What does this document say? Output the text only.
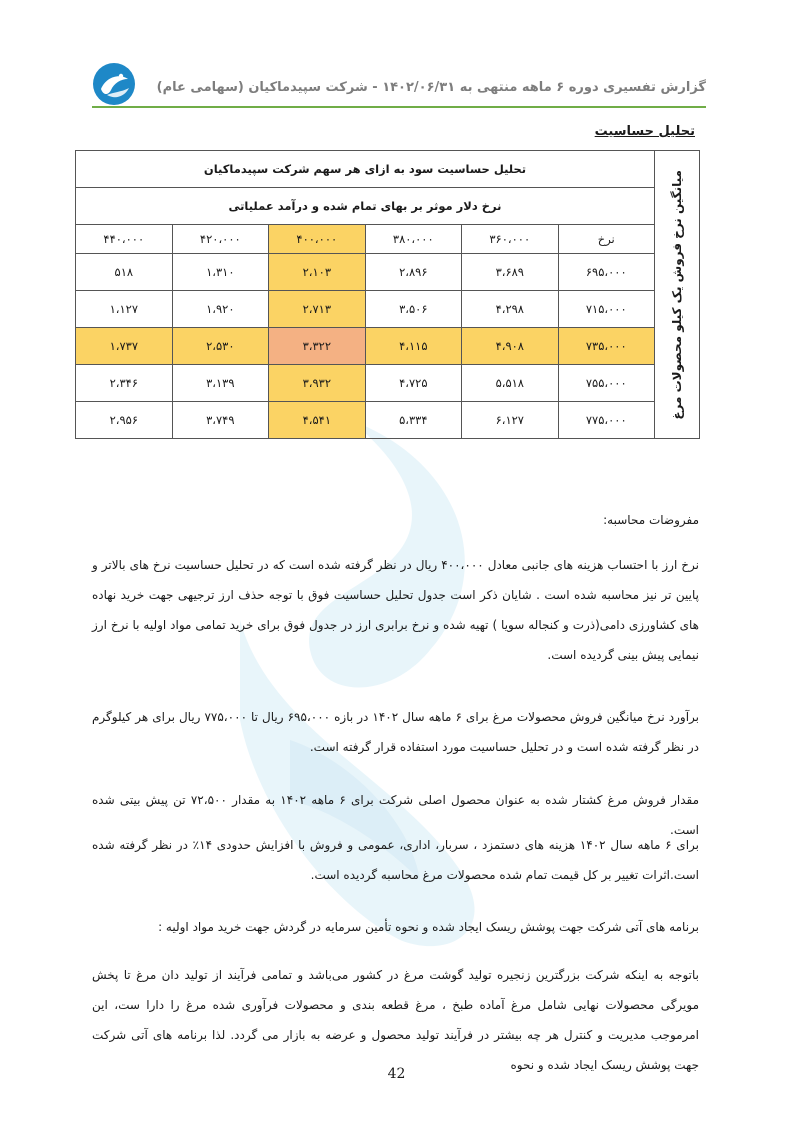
گزارش تفسیری دوره ۶ ماهه منتهی به ۱۴۰۲/۰۶/۳۱ - شرکت سپیدماکیان (سهامی عام)
تحلیل حساسیت
میانگین نرخ فروش یک کیلو محصولات مرغ	تحلیل حساسیت سود به ازای هر سهم شرکت سپیدماکیان					
	نرخ دلار موثر بر بهای تمام شده و درآمد عملیاتی					
	نرخ	۳۶۰،۰۰۰	۳۸۰،۰۰۰	۴۰۰،۰۰۰	۴۲۰،۰۰۰	۴۴۰،۰۰۰
	۶۹۵،۰۰۰	۳،۶۸۹	۲،۸۹۶	۲،۱۰۳	۱،۳۱۰	۵۱۸
	۷۱۵،۰۰۰	۴،۲۹۸	۳،۵۰۶	۲،۷۱۳	۱،۹۲۰	۱،۱۲۷
	۷۳۵،۰۰۰	۴،۹۰۸	۴،۱۱۵	۳،۳۲۲	۲،۵۳۰	۱،۷۳۷
	۷۵۵،۰۰۰	۵،۵۱۸	۴،۷۲۵	۳،۹۳۲	۳،۱۳۹	۲،۳۴۶
	۷۷۵،۰۰۰	۶،۱۲۷	۵،۳۳۴	۴،۵۴۱	۳،۷۴۹	۲،۹۵۶

مفروضات محاسبه:

نرخ ارز با احتساب هزینه های جانبی معادل ۴۰۰،۰۰۰ ریال در نظر گرفته شده است که در تحلیل حساسیت نرخ های بالاتر و پایین تر نیز محاسبه شده است . شایان ذکر است جدول تحلیل حساسیت فوق با توجه حذف ارز ترجیهی جهت خرید نهاده های کشاورزی دامی(ذرت و کنجاله سویا ) تهیه شده و نرخ برابری ارز در جدول فوق برای خرید تمامی مواد اولیه با نرخ ارز نیمایی پیش بینی گردیده است.

برآورد نرخ میانگین فروش محصولات مرغ برای ۶ ماهه سال ۱۴۰۲ در بازه ۶۹۵،۰۰۰ ریال تا ۷۷۵،۰۰۰ ریال برای هر کیلوگرم در نظر گرفته شده است و در تحلیل حساسیت مورد استفاده قرار گرفته است.

مقدار فروش مرغ کشتار شده به عنوان محصول اصلی شرکت برای ۶ ماهه ۱۴۰۲ به مقدار ۷۲،۵۰۰ تن پیش بیتی شده است.

برای ۶ ماهه سال ۱۴۰۲ هزینه های دستمزد ، سربار، اداری، عمومی و فروش با افزایش حدودی ۱۴٪ در نظر گرفته شده است.اثرات تغییر بر کل قیمت تمام شده محصولات مرغ محاسبه گردیده است.

برنامه های آتی شرکت جهت پوشش ریسک ایجاد شده و نحوه تأمین سرمایه در گردش جهت خرید مواد اولیه :

باتوجه به اینکه شرکت بزرگترین زنجیره تولید گوشت مرغ در کشور می‌باشد و تمامی فرآیند از تولید دان مرغ تا پخش مویرگی محصولات نهایی شامل مرغ آماده طبخ ، مرغ قطعه بندی و محصولات فرآوری شده مرغ را دارا ست، این امرموجب مدیریت و کنترل هر چه بیشتر در فرآیند تولید محصول و عرضه به بازار می گردد. لذا برنامه های آتی شرکت جهت پوشش ریسک ایجاد شده و نحوه

42
